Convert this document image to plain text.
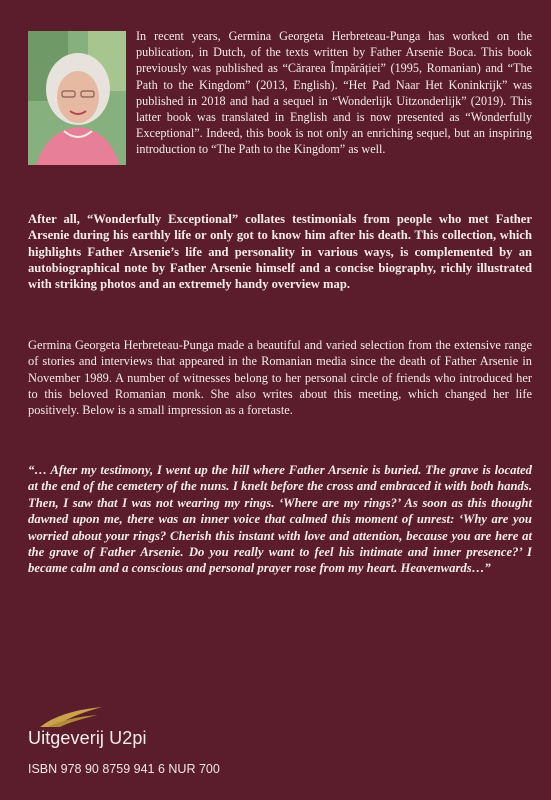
In recent years, Germina Georgeta Herbreteau-Punga has worked on the publication, in Dutch, of the texts written by Father Arsenie Boca. This book previously was published as “Cărarea Împărăției” (1995, Romanian) and “The Path to the Kingdom” (2013, English). “Het Pad Naar Het Koninkrijk” was published in 2018 and had a sequel in “Wonderlijk Uitzonderlijk” (2019). This latter book was translated in English and is now presented as “Wonderfully Exceptional”. Indeed, this book is not only an enriching sequel, but an inspiring introduction to “The Path to the Kingdom” as well.

After all, “Wonderfully Exceptional” collates testimonials from people who met Father Arsenie during his earthly life or only got to know him after his death. This collection, which highlights Father Arsenie’s life and personality in various ways, is complemented by an autobiographical note by Father Arsenie himself and a concise biography, richly illustrated with striking photos and an extremely handy overview map.

Germina Georgeta Herbreteau-Punga made a beautiful and varied selection from the extensive range of stories and interviews that appeared in the Romanian media since the death of Father Arsenie in November 1989. A number of witnesses belong to her personal circle of friends who introduced her to this beloved Romanian monk. She also writes about this meeting, which changed her life positively. Below is a small impression as a foretaste.

“… After my testimony, I went up the hill where Father Arsenie is buried. The grave is located at the end of the cemetery of the nuns. I knelt before the cross and embraced it with both hands. Then, I saw that I was not wearing my rings. ‘Where are my rings?’ As soon as this thought dawned upon me, there was an inner voice that calmed this moment of unrest: ‘Why are you worried about your rings? Cherish this instant with love and attention, because you are here at the grave of Father Arsenie. Do you really want to feel his intimate and inner presence?’ I became calm and a conscious and personal prayer rose from my heart. Heavenwards…”

Uitgeverij U2pi
ISBN 978 90 8759 941 6 NUR 700
